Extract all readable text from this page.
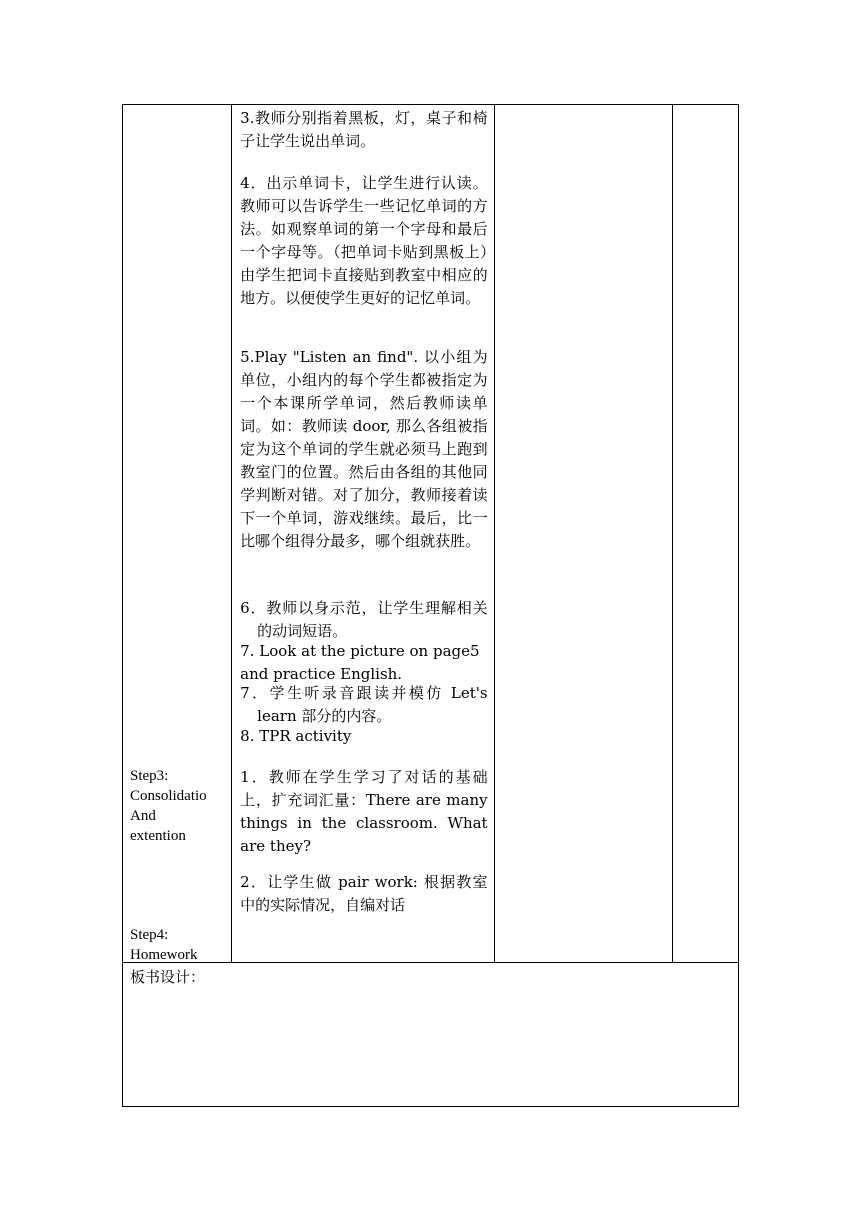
Step3:
Consolidatio
And
extention
Step4:
Homework

3.教师分别指着黑板，灯，桌子和椅子让学生说出单词。
4．出示单词卡，让学生进行认读。教师可以告诉学生一些记忆单词的方法。如观察单词的第一个字母和最后一个字母等。（把单词卡贴到黑板上）由学生把词卡直接贴到教室中相应的地方。以便使学生更好的记忆单词。
5.Play "Listen an find". 以小组为单位，小组内的每个学生都被指定为一个本课所学单词，然后教师读单词。如：教师读 door, 那么各组被指定为这个单词的学生就必须马上跑到教室门的位置。然后由各组的其他同学判断对错。对了加分，教师接着读下一个单词，游戏继续。最后，比一比哪个组得分最多，哪个组就获胜。
6．教师以身示范，让学生理解相关的动词短语。
7. Look at the picture on page5 and practice English.
7．学生听录音跟读并模仿 Let's learn 部分的内容。
8. TPR activity
1．教师在学生学习了对话的基础上，扩充词汇量：There are many things in the classroom. What are they?
2．让学生做 pair work: 根据教室中的实际情况，自编对话

板书设计：
